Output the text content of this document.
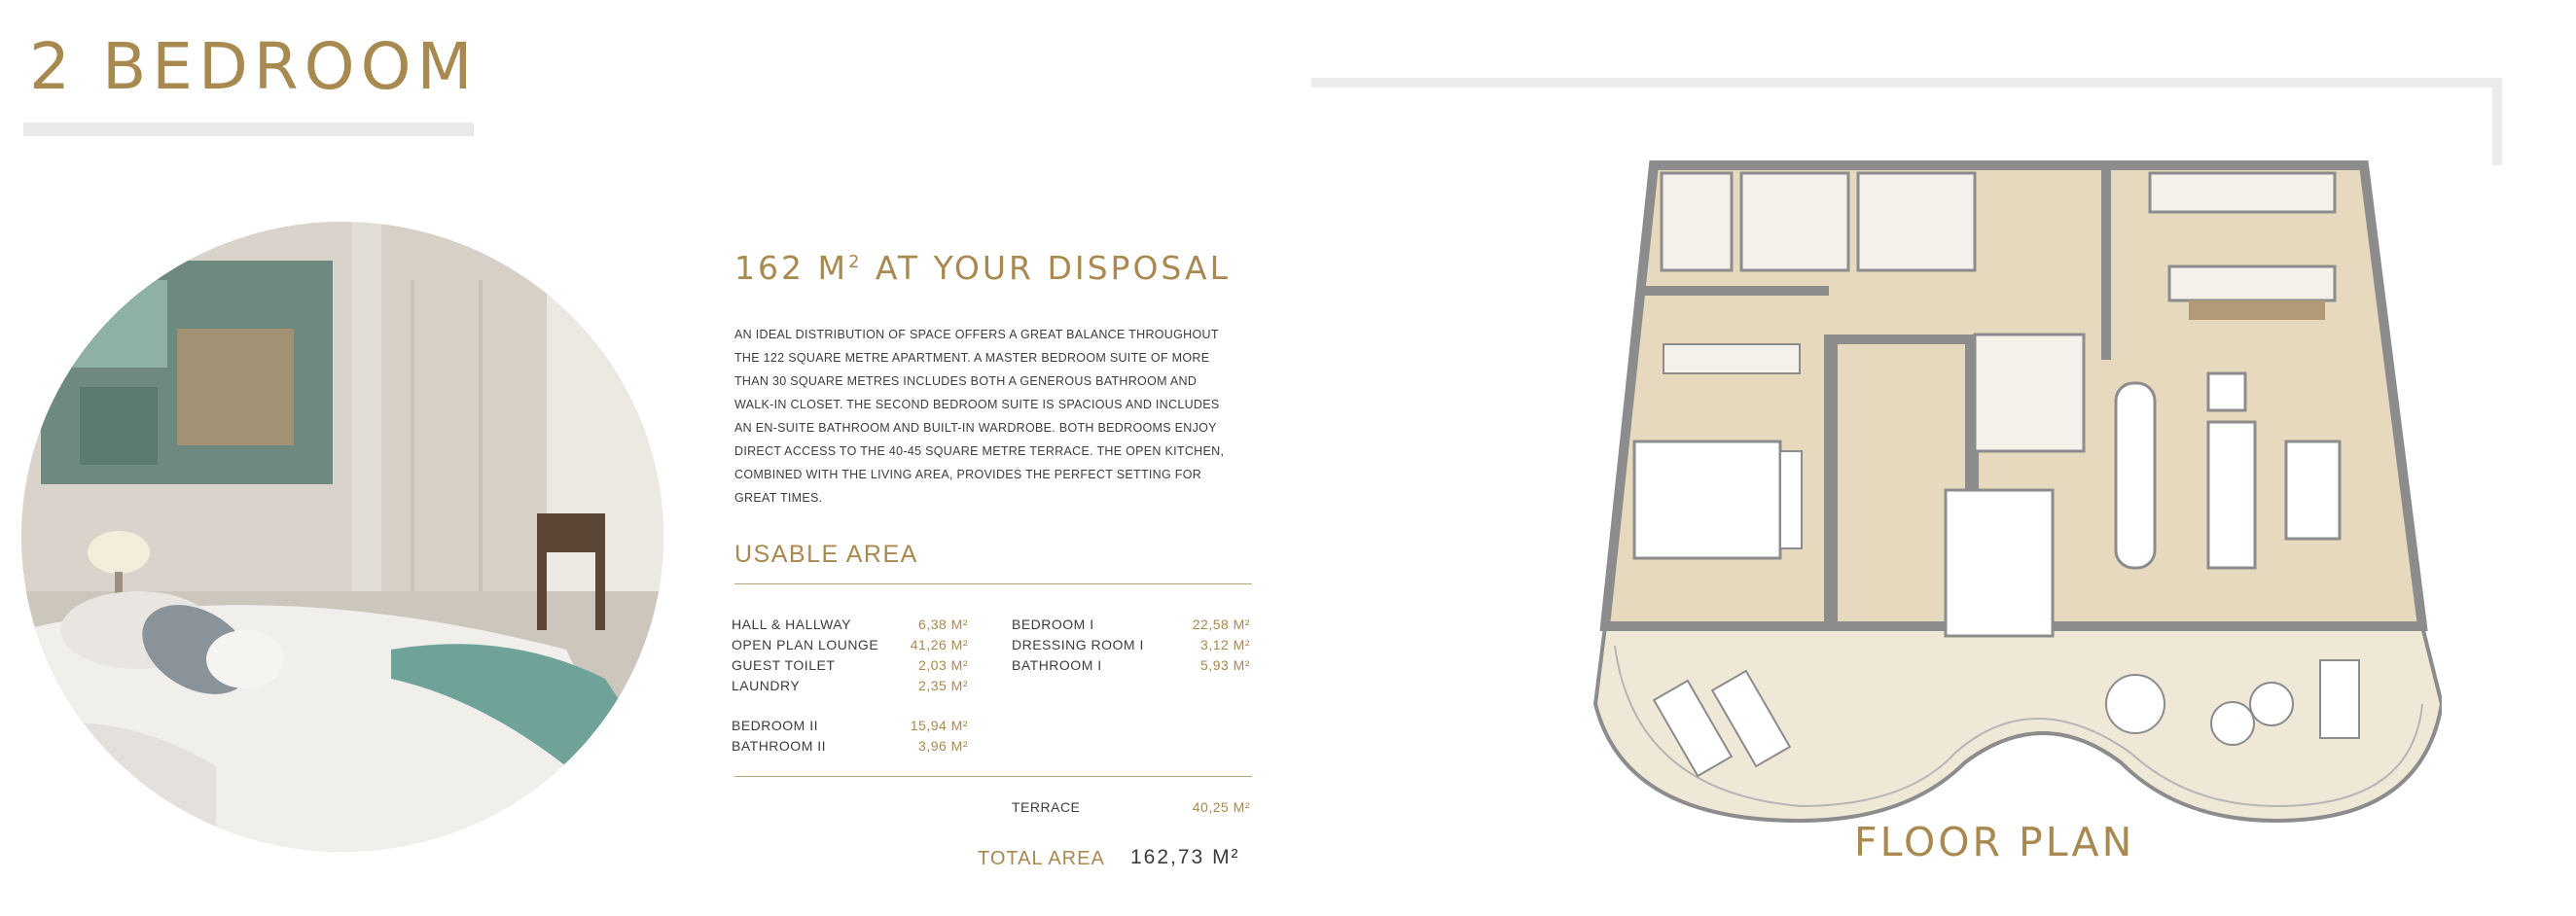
2 BEDROOM
162 $M^2$ AT YOUR DISPOSAL
AN IDEAL DISTRIBUTION OF SPACE OFFERS A GREAT BALANCE THROUGHOUT THE 122 SQUARE METRE APARTMENT. A MASTER BEDROOM SUITE OF MORE THAN 30 SQUARE METRES INCLUDES BOTH A GENEROUS BATHROOM AND WALK-IN CLOSET. THE SECOND BEDROOM SUITE IS SPACIOUS AND INCLUDES AN EN-SUITE BATHROOM AND BUILT-IN WARDROBE. BOTH BEDROOMS ENJOY DIRECT ACCESS TO THE 40-45 SQUARE METRE TERRACE. THE OPEN KITCHEN, COMBINED WITH THE LIVING AREA, PROVIDES THE PERFECT SETTING FOR GREAT TIMES.
USABLE AREA
HALL & HALLWAY	6,38 M²
OPEN PLAN LOUNGE 41,26 M²
GUEST TOILET	2,03 M²
LAUNDRY	2,35 M²
BEDROOM II	15,94 M²
BATHROOM II	3,96 M²
BEDROOM I	22,58 M²
DRESSING ROOM I	3,12 M²
BATHROOM I	5,93 M²
TERRACE	40,25 M²
TOTAL AREA 162,73 M²	FLOOR PLAN
